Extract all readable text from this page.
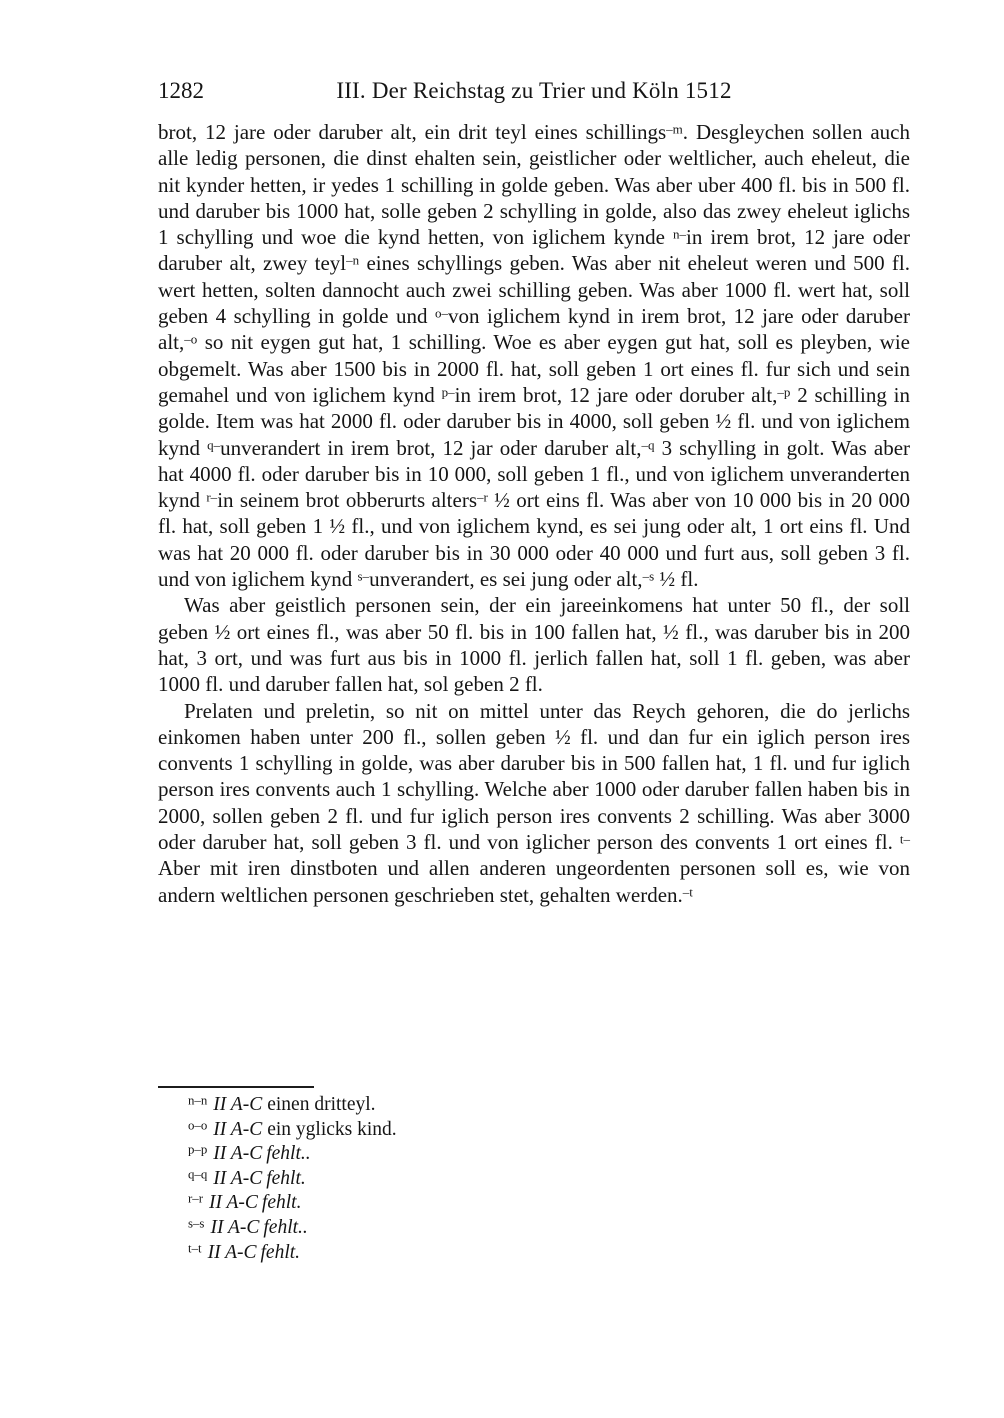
1282	III. Der Reichstag zu Trier und Köln 1512

brot, 12 jare oder daruber alt, ein drit teyl eines schillings$^{-m}$. Desgleychen sollen auch alle ledig personen, die dinst ehalten sein, geistlicher oder weltlicher, auch eheleut, die nit kynder hetten, ir yedes 1 schilling in golde geben. Was aber uber 400 fl. bis in 500 fl. und daruber bis 1000 hat, solle geben 2 schylling in golde, also das zwey eheleut iglichs 1 schylling und woe die kynd hetten, von iglichem kynde $^{n-}$in irem brot, 12 jare oder daruber alt, zwey teyl$^{-n}$ eines schyllings geben. Was aber nit eheleut weren und 500 fl. wert hetten, solten dannocht auch zwei schilling geben. Was aber 1000 fl. wert hat, soll geben 4 schylling in golde und $^{o-}$von iglichem kynd in irem brot, 12 jare oder daruber alt,$^{-o}$ so nit eygen gut hat, 1 schilling. Woe es aber eygen gut hat, soll es pleyben, wie obgemelt. Was aber 1500 bis in 2000 fl. hat, soll geben 1 ort eines fl. fur sich und sein gemahel und von iglichem kynd $^{p-}$in irem brot, 12 jare oder doruber alt,$^{-p}$ 2 schilling in golde. Item was hat 2000 fl. oder daruber bis in 4000, soll geben ½ fl. und von iglichem kynd $^{q-}$unverandert in irem brot, 12 jar oder daruber alt,$^{-q}$ 3 schylling in golt. Was aber hat 4000 fl. oder daruber bis in 10 000, soll geben 1 fl., und von iglichem unveranderten kynd $^{r-}$in seinem brot obberurts alters$^{-r}$ ½ ort eins fl. Was aber von 10 000 bis in 20 000 fl. hat, soll geben 1 ½ fl., und von iglichem kynd, es sei jung oder alt, 1 ort eins fl. Und was hat 20 000 fl. oder daruber bis in 30 000 oder 40 000 und furt aus, soll geben 3 fl. und von iglichem kynd $^{s-}$unverandert, es sei jung oder alt,$^{-s}$ ½ fl.

Was aber geistlich personen sein, der ein jareeinkomens hat unter 50 fl., der soll geben ½ ort eines fl., was aber 50 fl. bis in 100 fallen hat, ½ fl., was daruber bis in 200 hat, 3 ort, und was furt aus bis in 1000 fl. jerlich fallen hat, soll 1 fl. geben, was aber 1000 fl. und daruber fallen hat, sol geben 2 fl.

Prelaten und preletin, so nit on mittel unter das Reych gehoren, die do jerlichs einkomen haben unter 200 fl., sollen geben ½ fl. und dan fur ein iglich person ires convents 1 schylling in golde, was aber daruber bis in 500 fallen hat, 1 fl. und fur iglich person ires convents auch 1 schylling. Welche aber 1000 oder daruber fallen haben bis in 2000, sollen geben 2 fl. und fur iglich person ires convents 2 schilling. Was aber 3000 oder daruber hat, soll geben 3 fl. und von iglicher person des convents 1 ort eines fl. $^{t-}$Aber mit iren dinstboten und allen anderen ungeordenten personen soll es, wie von andern weltlichen personen geschrieben stet, gehalten werden.$^{-t}$

$^{n-n}$ II A-C einen dritteyl.
$^{o-o}$ II A-C ein yglicks kind.
$^{p-p}$ II A-C fehlt..
$^{q-q}$ II A-C fehlt.
$^{r-r}$ II A-C fehlt.
$^{s-s}$ II A-C fehlt..
$^{t-t}$ II A-C fehlt.
